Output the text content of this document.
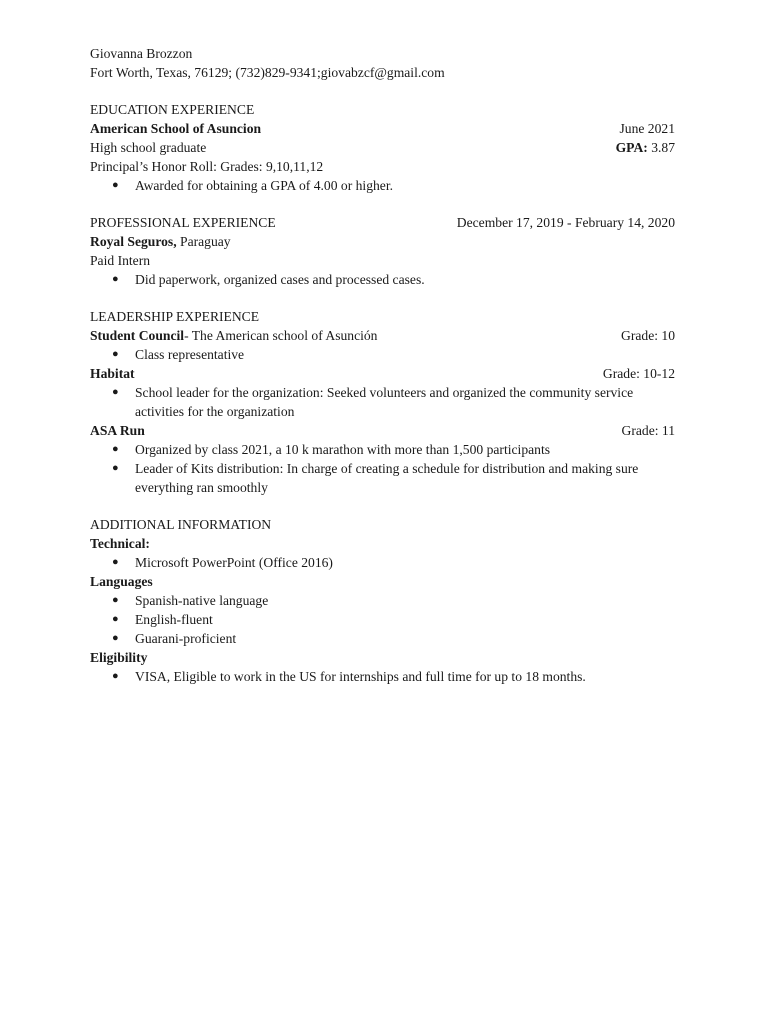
Giovanna Brozzon
Fort Worth, Texas, 76129; (732)829-9341;giovabzcf@gmail.com
EDUCATION EXPERIENCE
American School of Asuncion	June 2021
High school graduate	GPA: 3.87
Principal’s Honor Roll: Grades: 9,10,11,12
● Awarded for obtaining a GPA of 4.00 or higher.
PROFESSIONAL EXPERIENCE	December 17, 2019 - February 14, 2020
Royal Seguros, Paraguay
Paid Intern
● Did paperwork, organized cases and processed cases.
LEADERSHIP EXPERIENCE
Student Council- The American school of Asunción	Grade: 10
● Class representative
Habitat	Grade: 10-12
● School leader for the organization: Seeked volunteers and organized the community service activities for the organization
ASA Run	Grade: 11
● Organized by class 2021, a 10 k marathon with more than 1,500 participants
● Leader of Kits distribution: In charge of creating a schedule for distribution and making sure everything ran smoothly
ADDITIONAL INFORMATION
Technical:
● Microsoft PowerPoint (Office 2016)
Languages
● Spanish-native language
● English-fluent
● Guarani-proficient
Eligibility
● VISA, Eligible to work in the US for internships and full time for up to 18 months.
